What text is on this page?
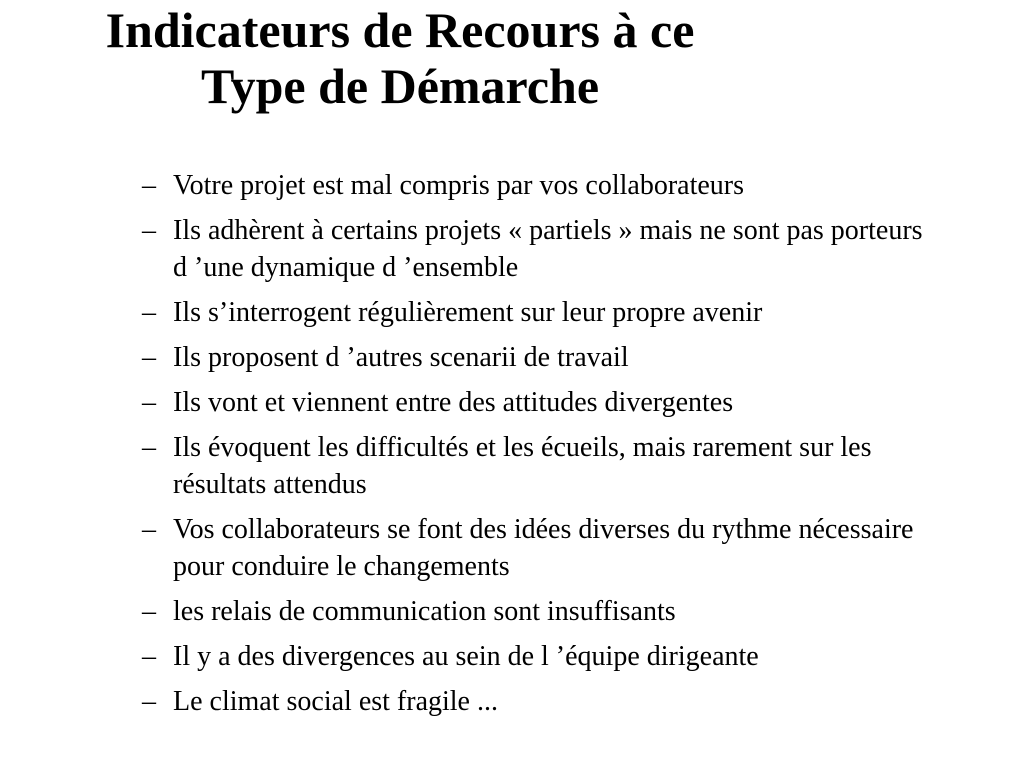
Indicateurs de Recours à ce
Type de Démarche
– Votre projet est mal compris par vos collaborateurs
– Ils adhèrent à certains projets « partiels » mais ne sont pas porteurs d ’une dynamique d ’ensemble
– Ils s’interrogent régulièrement sur leur propre avenir
– Ils proposent d ’autres scenarii de travail
– Ils vont et viennent entre des attitudes divergentes
– Ils évoquent les difficultés et les écueils, mais rarement sur les résultats attendus
– Vos collaborateurs se font des idées diverses du rythme nécessaire pour conduire le changements
– les relais de communication sont insuffisants
– Il y a des divergences au sein de l ’équipe dirigeante
– Le climat social est fragile ...
